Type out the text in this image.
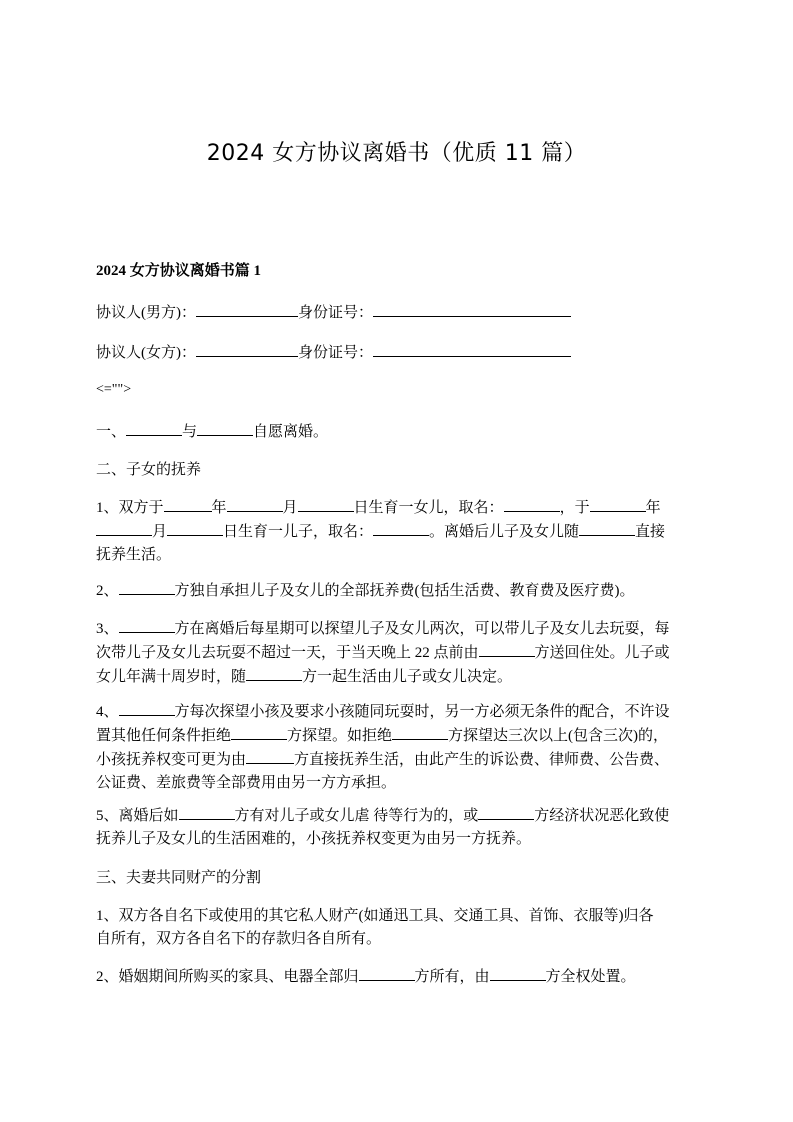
2024 女方协议离婚书（优质 11 篇）
2024 女方协议离婚书篇 1
协议人(男方)：	身份证号：
协议人(女方)：	身份证号：
<="">
一、	与	自愿离婚。
二、子女的抚养
1、双方于	年	月	日生育一女儿，取名：	，于	年
月	日生育一儿子，取名：	。离婚后儿子及女儿随	直接
抚养生活。
2、	方独自承担儿子及女儿的全部抚养费(包括生活费、教育费及医疗费)。
3、	方在离婚后每星期可以探望儿子及女儿两次，可以带儿子及女儿去玩耍，每
次带儿子及女儿去玩耍不超过一天，于当天晚上 22 点前由	方送回住处。儿子或
女儿年满十周岁时，随	方一起生活由儿子或女儿决定。
4、	方每次探望小孩及要求小孩随同玩耍时，另一方必须无条件的配合，不许设
置其他任何条件拒绝	方探望。如拒绝	方探望达三次以上(包含三次)的，
小孩抚养权变可更为由	方直接抚养生活，由此产生的诉讼费、律师费、公告费、
公证费、差旅费等全部费用由另一方方承担。
5、离婚后如	方有对儿子或女儿虐 待等行为的，或	方经济状况恶化致使
抚养儿子及女儿的生活困难的，小孩抚养权变更为由另一方抚养。
三、夫妻共同财产的分割
1、双方各自名下或使用的其它私人财产(如通迅工具、交通工具、首饰、衣服等)归各
自所有，双方各自名下的存款归各自所有。
2、婚姻期间所购买的家具、电器全部归	方所有，由	方全权处置。
